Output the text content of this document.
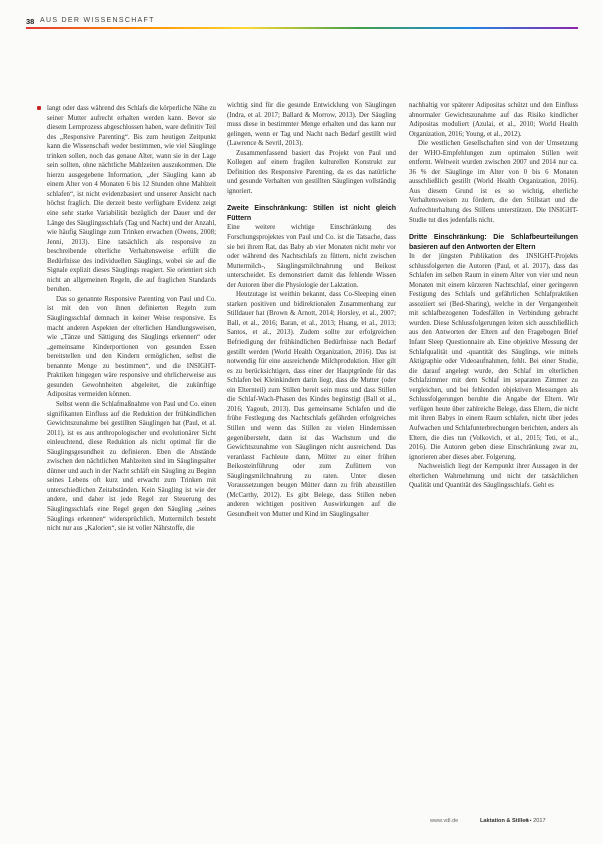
38 AUS DER WISSENSCHAFT

langt oder dass während des Schlafs die körperliche Nähe zu seiner Mutter aufrecht erhalten werden kann. Bevor sie diesem Lernprozess abgeschlossen haben, ware definitiv Teil des „Responsive Parenting“. Bis zum heutigen Zeitpunkt kann die Wissenschaft weder bestimmen, wie viel Säuglinge trinken sollen, noch das genaue Alter, wann sie in der Lage sein sollten, ohne nächtliche Mahlzeiten auszukommen. Die hierzu ausgegebene Information, „der Säugling kann ab einem Alter von 4 Monaten 6 bis 12 Stunden ohne Mahlzeit schlafen“, ist nicht evidenzbasiert und unserer Ansicht nach höchst fraglich. Die derzeit beste verfügbare Evidenz zeigt eine sehr starke Variabilität bezüglich der Dauer und der Länge des Säuglingsschlafs (Tag und Nacht) und der Anzahl, wie häufig Säuglinge zum Trinken erwachen (Owens, 2008; Jenni, 2013). Eine tatsächlich als responsive zu beschreibende elterliche Verhaltensweise erfüllt die Bedürfnisse des individuellen Säuglings, wobei sie auf die Signale explizit dieses Säuglings reagiert. Sie orientiert sich nicht an allgemeinen Regeln, die auf fraglichen Standards beruhen.

Das so genannte Responsive Parenting von Paul und Co. ist mit den von ihnen definierten Regeln zum Säuglingsschlaf demnach in keiner Weise responsive. Es macht anderen Aspekten der elterlichen Handlungsweisen, wie „Tänze und Sättigung des Säuglings erkennen“ oder „gemeinsame Kinderportionen von gesunden Essen bereitstellen und den Kindern ermöglichen, selbst die benannte Menge zu bestimmen“, und die INSIGHT-Praktiken hingegen wäre responsive und ehrlicherweise aus gesunden Gewohnheiten abgeleitet, die zukünftige Adipositas vermeiden können.

Selbst wenn die Schlafmaßnahme von Paul und Co. einen signifikanten Einfluss auf die Reduktion der frühkindlichen Gewichtszunahme bei gestillten Säuglingen hat (Paul, et al. 2011), ist es aus anthropologischer und evolutionärer Sicht einleuchtend, diese Reduktion als nicht optimal für die Säuglingsgesundheit zu definieren. Eben die Abstände zwischen den nächtlichen Mahlzeiten sind im Säuglingsalter dünner und auch in der Nacht schläft ein Säugling zu Beginn seines Lebens oft kurz und erwacht zum Trinken mit unterschiedlichen Zeitabständen. Kein Säugling ist wie der andere, und daher ist jede Regel zur Steuerung des Säuglingsschlafs eine Regel gegen den Säugling „seines Säuglings erkennen“ widersprüchlich. Muttermilch besteht nicht nur aus „Kalorien“, sie ist voller Nährstoffe, die

wichtig sind für die gesunde Entwicklung von Säuglingen (Indra, et al. 2017; Ballard & Morrow, 2013). Der Säugling muss diese in bestimmter Menge erhalten und das kann nur gelingen, wenn er Tag und Nacht nach Bedarf gestillt wird (Lawrence & Sevril, 2013).

Zusammenfassend basiert das Projekt von Paul und Kollegen auf einem fragilen kulturellen Konstrukt zur Definition des Responsive Parenting, da es das natürliche und gesunde Verhalten von gestillten Säuglingen vollständig ignoriert.

Zweite Einschränkung: Stillen ist nicht gleich Füttern

Eine weitere wichtige Einschränkung des Forschungsprojektes von Paul und Co. ist die Tatsache, dass sie bei ihrem Rat, das Baby ab vier Monaten nicht mehr vor oder während des Nachtschlafs zu füttern, nicht zwischen Muttermilch-, Säuglingsmilchnahrung und Beikost unterscheidet. Es demonstriert damit das fehlende Wissen der Autoren über die Physiologie der Laktation.

Heutzutage ist weithin bekannt, dass Co-Sleeping einen starken positiven und bidirektionalen Zusammenhang zur Stilldauer hat (Brown & Arnott, 2014; Horsley, et al., 2007; Ball, et al., 2016; Baran, et al., 2013; Huang, et al., 2013; Santos, et al., 2013). Zudem sollte zur erfolgreichen Befriedigung der frühkindlichen Bedürfnisse nach Bedarf gestillt werden (World Health Organization, 2016). Das ist notwendig für eine ausreichende Milchproduktion. Hier gilt es zu berücksichtigen, dass einer der Hauptgründe für das Schlafen bei Kleinkindern darin liegt, dass die Mutter (oder ein Elternteil) zum Stillen bereit sein muss und dass Stillen die Schlaf-Wach-Phasen des Kindes begünstigt (Ball et al., 2016; Yagoub, 2013). Das gemeinsame Schlafen und die frühe Festlegung des Nachtschlafs gefährden erfolgreiches Stillen und wenn das Stillen zu vielen Hindernissen gegenübersteht, dann ist das Wachstum und die Gewichtszunahme von Säuglingen nicht ausreichend. Das veranlasst Fachleute dann, Mütter zu einer frühen Beikosteinführung oder zum Zufüttern von Säuglingsmilchnahrung zu raten. Unter diesen Voraussetzungen beugen Mütter dann zu früh abzustillen (McCarthy, 2012). Es gibt Belege, dass Stillen neben anderen wichtigen positiven Auswirkungen auf die Gesundheit von Mutter und Kind im Säuglingsalter

nachhaltig vor späterer Adipositas schützt und den Einfluss abnormaler Gewichtszunahme auf das Risiko kindlicher Adipositas moduliert (Azulai, et al., 2010; World Health Organization, 2016; Young, et al., 2012).

Die westlichen Gesellschaften sind von der Umsetzung der WHO-Empfehlungen zum optimalen Stillen weit entfernt. Weltweit wurden zwischen 2007 und 2014 nur ca. 36 % der Säuglinge im Alter von 0 bis 6 Monaten ausschließlich gestillt (World Health Organization, 2016). Aus diesem Grund ist es so wichtig, elterliche Verhaltensweisen zu fördern, die den Stillstart und die Aufrechterhaltung des Stillens unterstützen. Die INSIGHT-Studie tut dies jedenfalls nicht.

Dritte Einschränkung: Die Schlafbeurteilungen basieren auf den Antworten der Eltern

In der jüngsten Publikation des INSIGHT-Projekts schlussfolgerten die Autoren (Paul, et al. 2017), dass das Schlafen im selben Raum in einem Alter von vier und neun Monaten mit einem kürzeren Nachtschlaf, einer geringeren Festigung des Schlafs und gefährlichen Schlafpraktiken assoziiert sei (Bed-Sharing), welche in der Vergangenheit mit schlafbezogenen Todesfällen in Verbindung gebracht wurden. Diese Schlussfolgerungen leiten sich ausschließlich aus den Antworten der Eltern auf den Fragebogen Brief Infant Sleep Questionnaire ab. Eine objektive Messung der Schlafqualität und -quantität des Säuglings, wie mittels Aktigraphie oder Videoaufnahmen, fehlt. Bei einer Studie, die darauf angelegt wurde, den Schlaf im elterlichen Schlafzimmer mit dem Schlaf im separaten Zimmer zu vergleichen, und bei fehlenden objektiven Messungen als Schlussfolgerungen beruhte die Angabe der Eltern. Wir verfügen heute über zahlreiche Belege, dass Eltern, die nicht mit ihren Babys in einem Raum schlafen, nicht über jedes Aufwachen und Schlafunterbrechungen berichten, anders als Eltern, die dies tun (Volkovich, et al., 2015; Teti, et al., 2016). Die Autoren geben diese Einschränkung zwar zu, ignorieren aber dieses aber. Folgerung.

Nachweislich liegt der Kernpunkt ihrer Aussagen in der elterlichen Wahrnehmung und nicht der tatsächlichen Qualität und Quantität des Säuglingsschlafs. Geht es

www.vdl.de	Laktation & Stillen
4 • 2017
